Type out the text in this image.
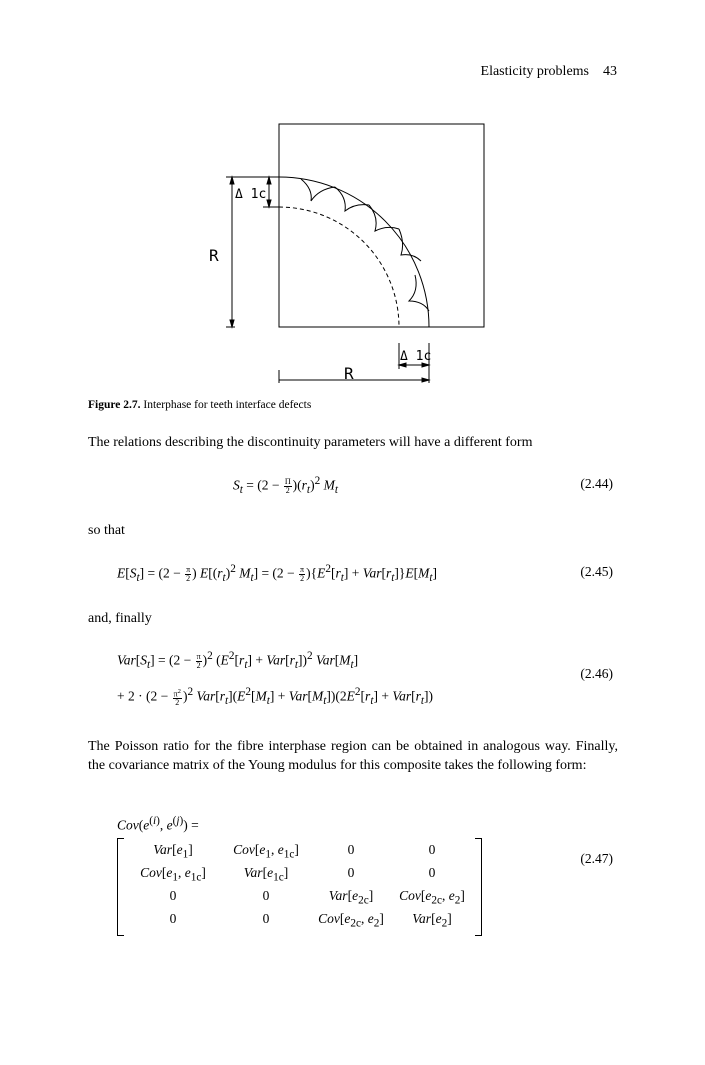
Elasticity problems    43
Δ 1c
R
Δ 1c
R
Figure 2.7. Interphase for teeth interface defects
The relations describing the discontinuity parameters will have a different form
$S_t = (2 - \frac{\Pi}{2} )(r_t)^2$ $M_t$	(2.44)
so that
$E[S_t] = (2 - \frac{\pi}{2}$ ) $E[(r_t)^2$ $M_t] = (2 - \frac{\pi}{2} )\{E^2[r_t] + Var[r_t]\}E[M_t]$	(2.45)
and, finally
$Var[S_t] = (2 - \frac{\pi}{2} )^2$ $(E^2[r_t] + Var[r_t])^2$ $Var[M_t]$
+ $2 \cdot (2 - \frac{\pi^2}{2} )^2$ $Var[r_t](E^2[M_t] + Var[M_t])(2E^2[r_t] + Var[r_t])$
(2.46)
The Poisson ratio for the fibre interphase region can be obtained in analogous way. Finally, the covariance matrix of the Young modulus for this composite takes the following form:
$Cov(e^{(i)}$, $e^{(j)}$) =
$Var[e_1]$	$Cov[e_1$, $e_{1c}$]	0	0
$Cov[e_1$, $e_{1c}$]	$Var[e_{1c}]$	0	0
0	0	$Var[e_{2c}]$	$Cov[e_{2c}$, $e_2$]
0	0	$Cov[e_{2c}$, $e_2$]	$Var[e_2]$
(2.47)
